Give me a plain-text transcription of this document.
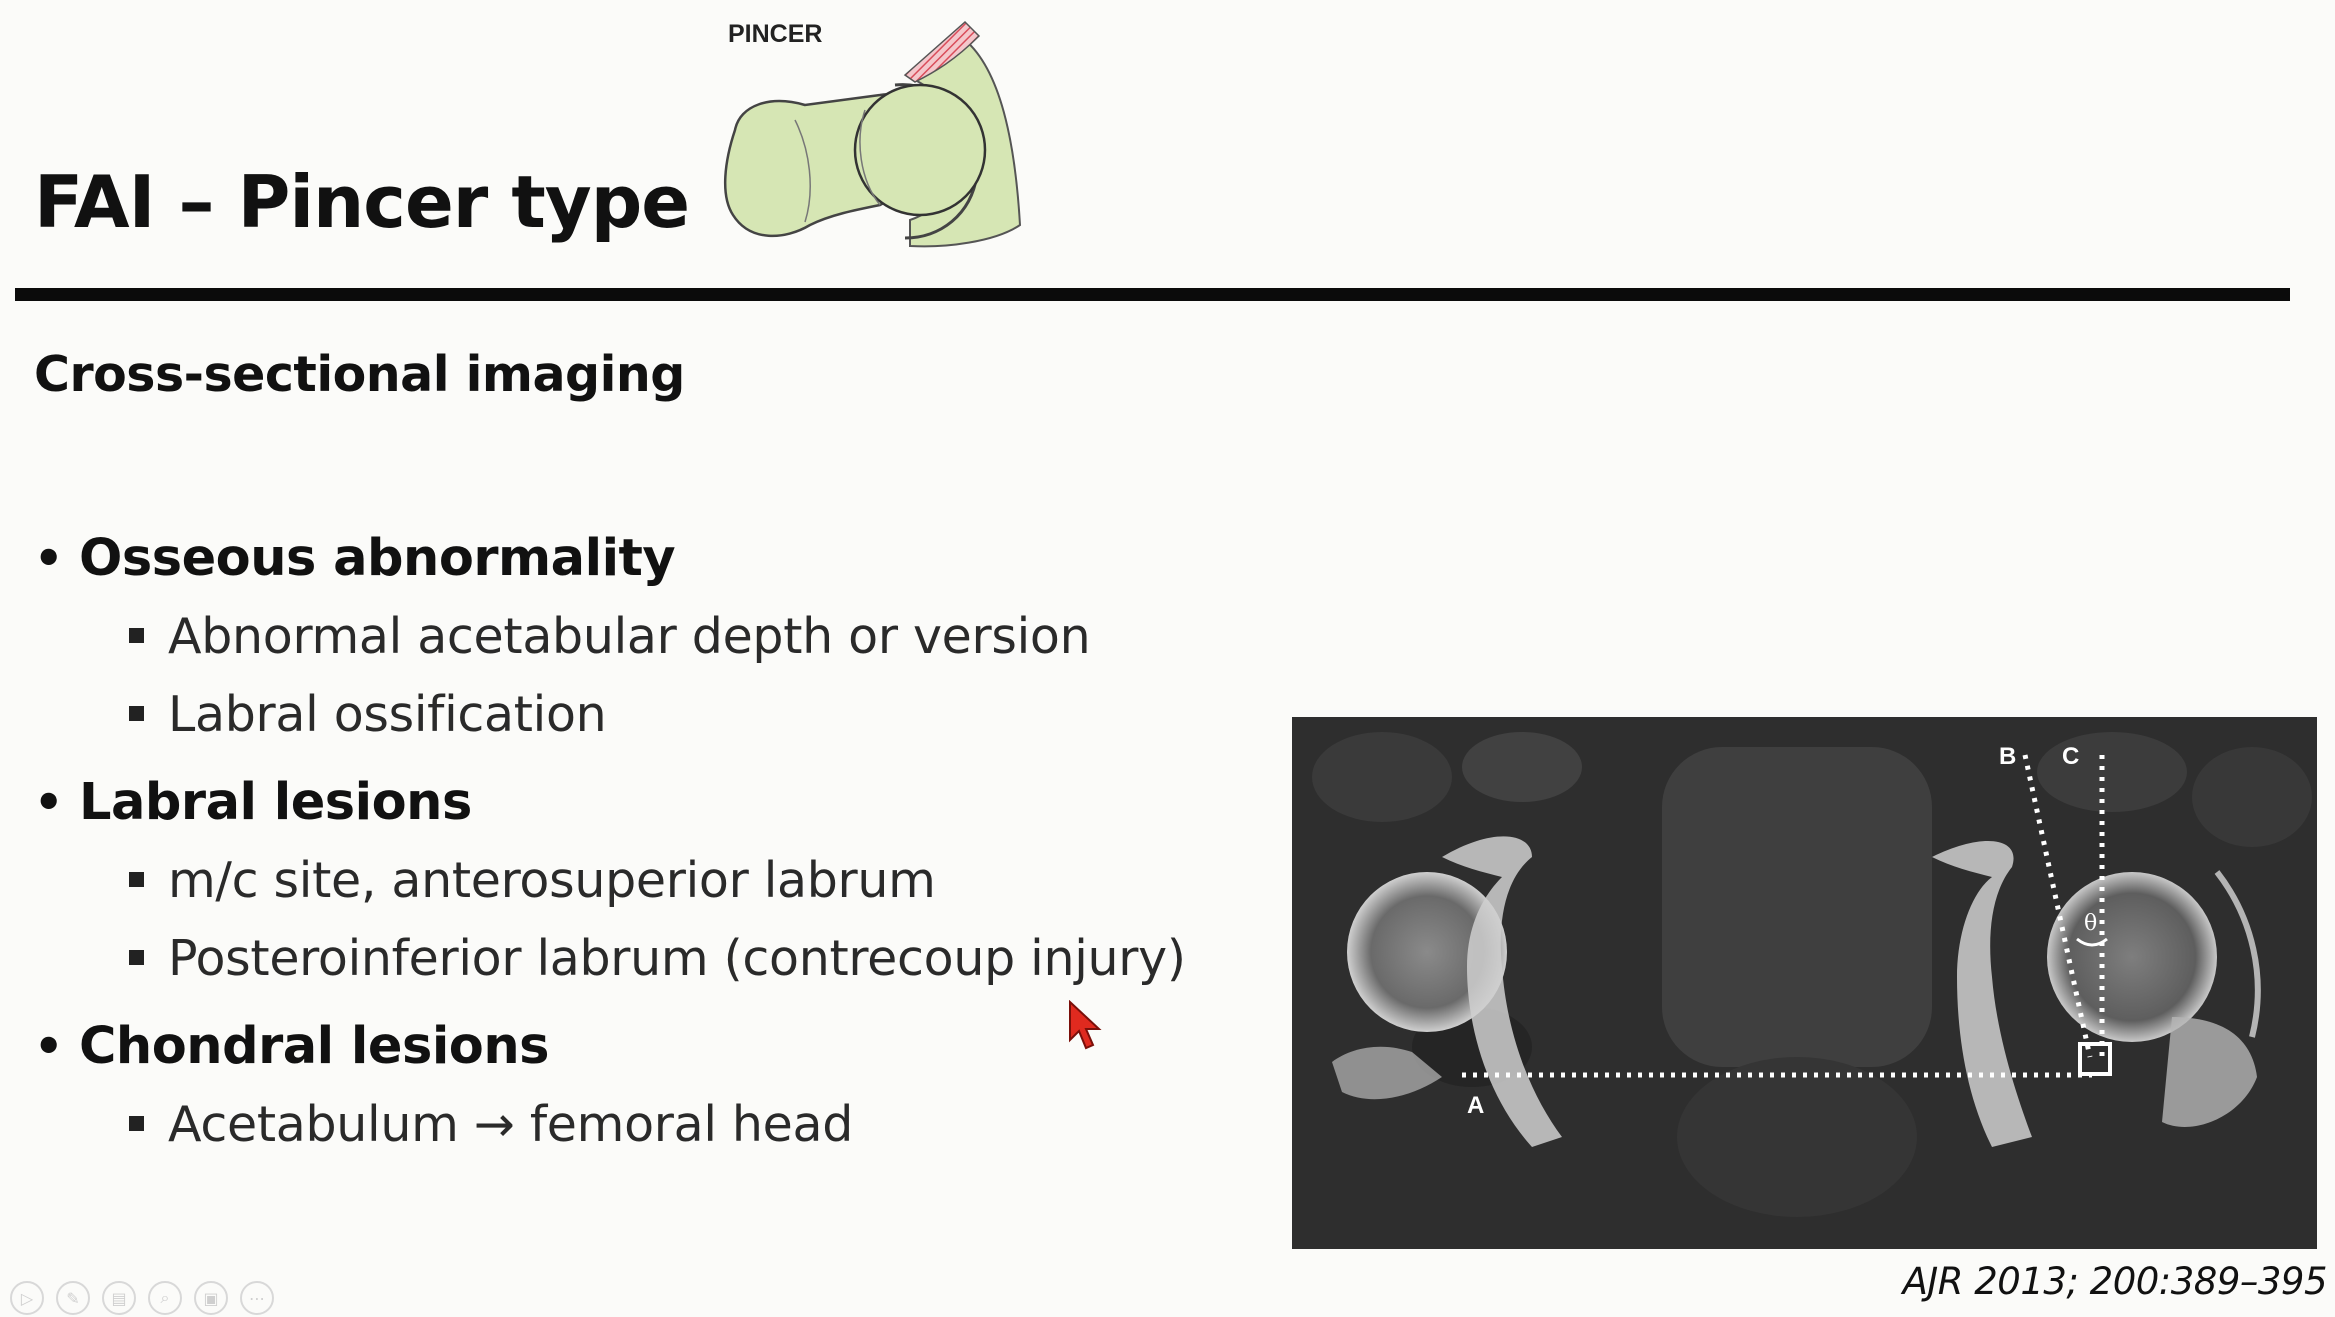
FAI – Pincer type
PINCER
Cross-sectional imaging
• Osseous abnormality
Abnormal acetabular depth or version
Labral ossification
• Labral lesions
m/c site, anterosuperior labrum
Posteroinferior labrum (contrecoup injury)
• Chondral lesions
Acetabulum → femoral head	A
B C
θ
AJR 2013; 200:389–395
▷	✎	▤	⌕	▣	⋯
